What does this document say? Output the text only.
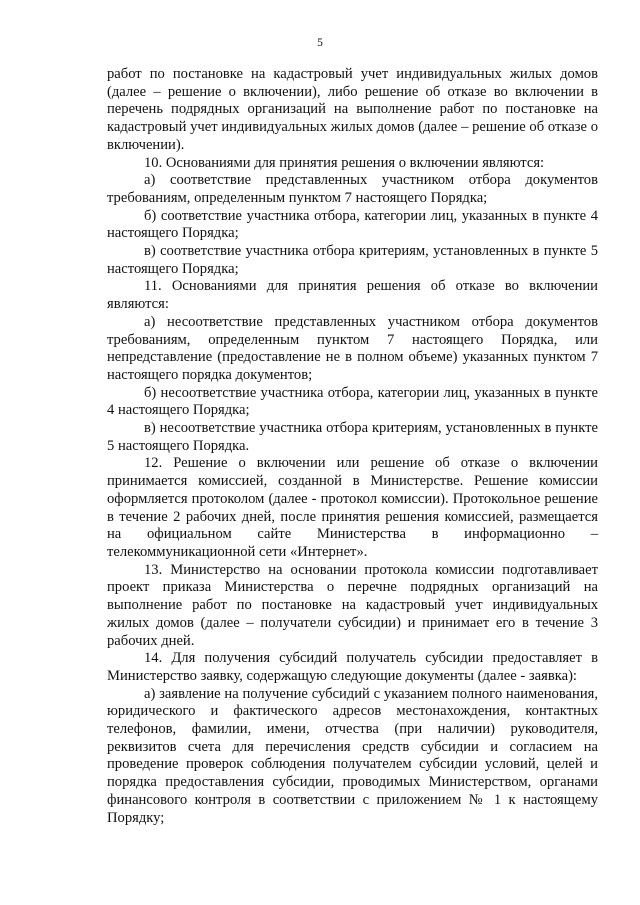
5

работ по постановке на кадастровый учет индивидуальных жилых домов (далее – решение о включении), либо решение об отказе во включении в перечень подрядных организаций на выполнение работ по постановке на кадастровый учет индивидуальных жилых домов (далее – решение об отказе о включении).

10. Основаниями для принятия решения о включении являются:

а) соответствие представленных участником отбора документов требованиям, определенным пунктом 7 настоящего Порядка;

б) соответствие участника отбора, категории лиц, указанных в пункте 4 настоящего Порядка;

в) соответствие участника отбора критериям, установленных в пункте 5 настоящего Порядка;

11. Основаниями для принятия решения об отказе во включении являются:

а) несоответствие представленных участником отбора документов требованиям, определенным пунктом 7 настоящего Порядка, или непредставление (предоставление не в полном объеме) указанных пунктом 7 настоящего порядка документов;

б) несоответствие участника отбора, категории лиц, указанных в пункте 4 настоящего Порядка;

в) несоответствие участника отбора критериям, установленных в пункте 5 настоящего Порядка.

12. Решение о включении или решение об отказе о включении принимается комиссией, созданной в Министерстве. Решение комиссии оформляется протоколом (далее - протокол комиссии). Протокольное решение в течение 2 рабочих дней, после принятия решения комиссией, размещается на официальном сайте Министерства в информационно – телекоммуникационной сети «Интернет».

13. Министерство на основании протокола комиссии подготавливает проект приказа Министерства о перечне подрядных организаций на выполнение работ по постановке на кадастровый учет индивидуальных жилых домов (далее – получатели субсидии) и принимает его в течение 3 рабочих дней.

14. Для получения субсидий получатель субсидии предоставляет в Министерство заявку, содержащую следующие документы (далее - заявка):

а) заявление на получение субсидий с указанием полного наименования, юридического и фактического адресов местонахождения, контактных телефонов, фамилии, имени, отчества (при наличии) руководителя, реквизитов счета для перечисления средств субсидии и согласием на проведение проверок соблюдения получателем субсидии условий, целей и порядка предоставления субсидии, проводимых Министерством, органами финансового контроля в соответствии с приложением № 1 к настоящему Порядку;
